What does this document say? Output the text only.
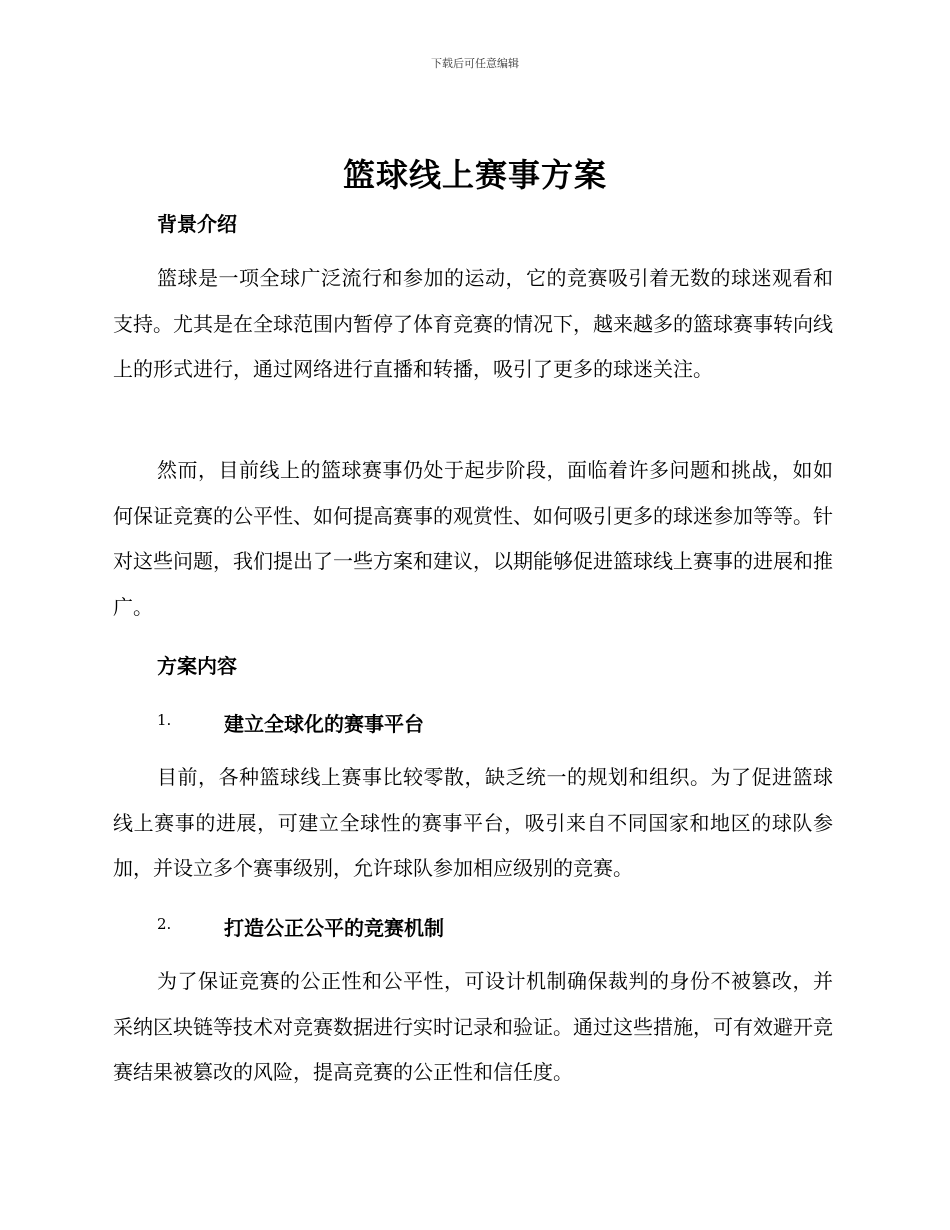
下载后可任意编辑
篮球线上赛事方案
背景介绍
篮球是一项全球广泛流行和参加的运动，它的竞赛吸引着无数的球迷观看和支持。尤其是在全球范围内暂停了体育竞赛的情况下，越来越多的篮球赛事转向线上的形式进行，通过网络进行直播和转播，吸引了更多的球迷关注。
然而，目前线上的篮球赛事仍处于起步阶段，面临着许多问题和挑战，如如何保证竞赛的公平性、如何提高赛事的观赏性、如何吸引更多的球迷参加等等。针对这些问题，我们提出了一些方案和建议，以期能够促进篮球线上赛事的进展和推广。
方案内容
1.	建立全球化的赛事平台
目前，各种篮球线上赛事比较零散，缺乏统一的规划和组织。为了促进篮球线上赛事的进展，可建立全球性的赛事平台，吸引来自不同国家和地区的球队参加，并设立多个赛事级别，允许球队参加相应级别的竞赛。
2.	打造公正公平的竞赛机制
为了保证竞赛的公正性和公平性，可设计机制确保裁判的身份不被篡改，并采纳区块链等技术对竞赛数据进行实时记录和验证。通过这些措施，可有效避开竞赛结果被篡改的风险，提高竞赛的公正性和信任度。
